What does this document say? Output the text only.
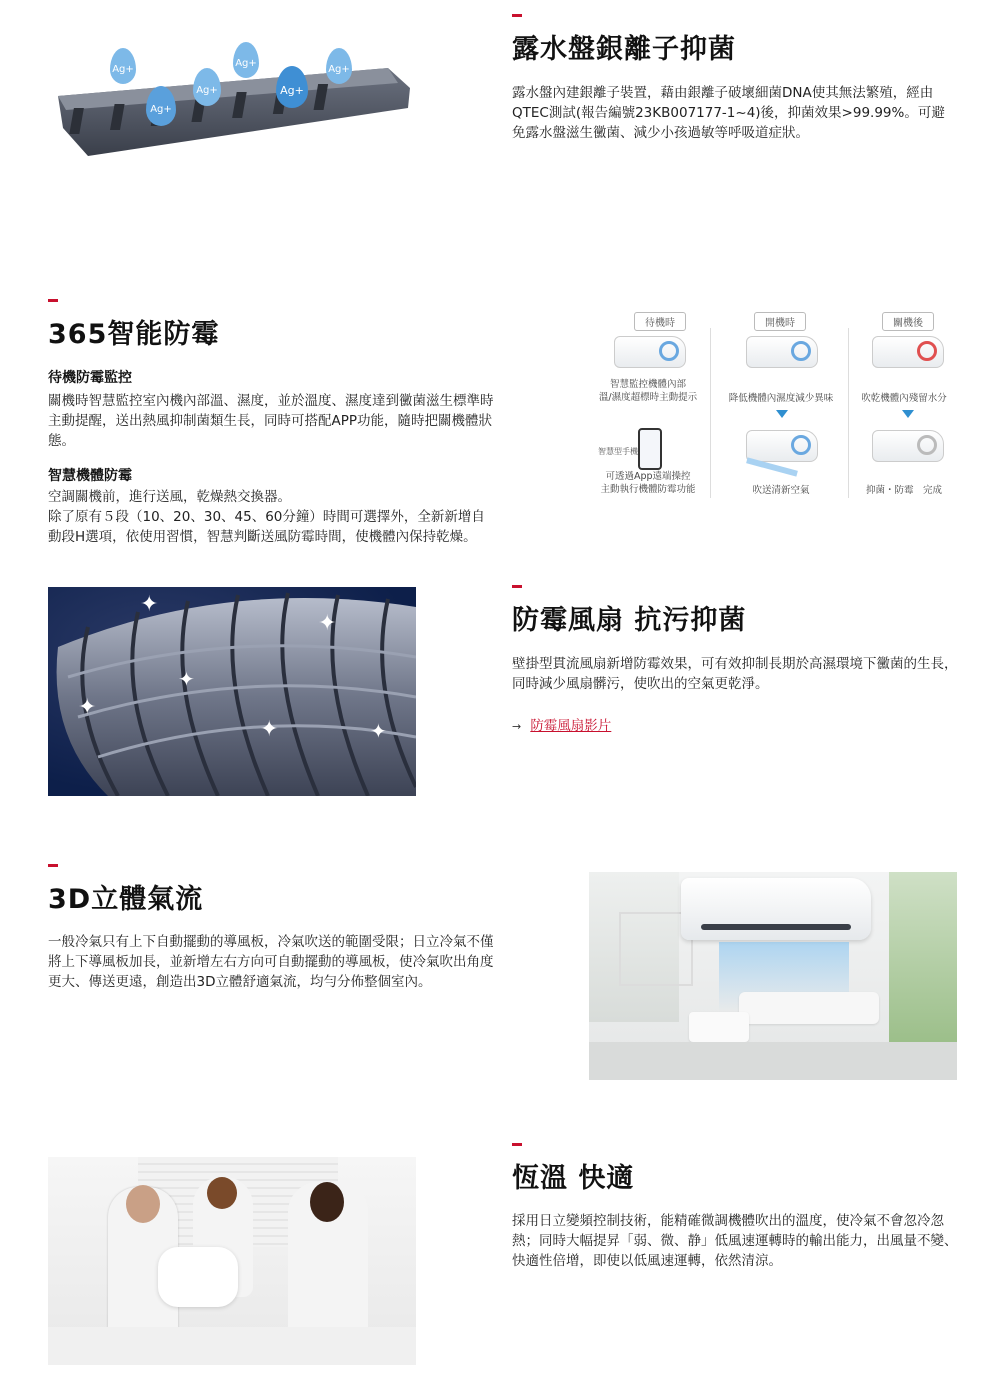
Ag+
Ag+
Ag+
Ag+
Ag+
Ag+
露水盤銀離子抑菌
露水盤內建銀離子裝置，藉由銀離子破壞細菌DNA使其無法繁殖，經由QTEC測試(報告編號23KB007177-1~4)後，抑菌效果>99.99%。可避免露水盤滋生黴菌、減少小孩過敏等呼吸道症狀。
365智能防霉
待機防霉監控
關機時智慧監控室內機內部溫、濕度，並於溫度、濕度達到黴菌滋生標準時主動提醒，送出熱風抑制菌類生長，同時可搭配APP功能，隨時把關機體狀態。
智慧機體防霉
空調關機前，進行送風，乾燥熱交換器。
除了原有５段（10、20、30、45、60分鐘）時間可選擇外，全新新增自動段H選項，依使用習慣，智慧判斷送風防霉時間，使機體內保持乾燥。
待機時	開機時	關機後
智慧監控機體內部
溫/濕度超標時主動提示	降低機體內濕度減少異味	吹乾機體內殘留水分
智慧型手機
可透過App遠端操控
主動執行機體防霉功能	吹送清新空氣	抑菌・防霉　完成
✦
✦
✦
✦
✦	✦
防霉風扇 抗污抑菌
壁掛型貫流風扇新增防霉效果，可有效抑制長期於高濕環境下黴菌的生長，同時減少風扇髒污，使吹出的空氣更乾淨。
→ 防霉風扇影片
3D立體氣流
一般冷氣只有上下自動擺動的導風板，冷氣吹送的範圍受限；日立冷氣不僅將上下導風板加長，並新增左右方向可自動擺動的導風板，使冷氣吹出角度更大、傳送更遠，創造出3D立體舒適氣流，均勻分佈整個室內。
恆溫 快適
採用日立變頻控制技術，能精確微調機體吹出的溫度，使冷氣不會忽冷忽熱；同時大幅提昇「弱、微、静」低風速運轉時的輸出能力，出風量不變、快適性倍增，即使以低風速運轉，依然清涼。
